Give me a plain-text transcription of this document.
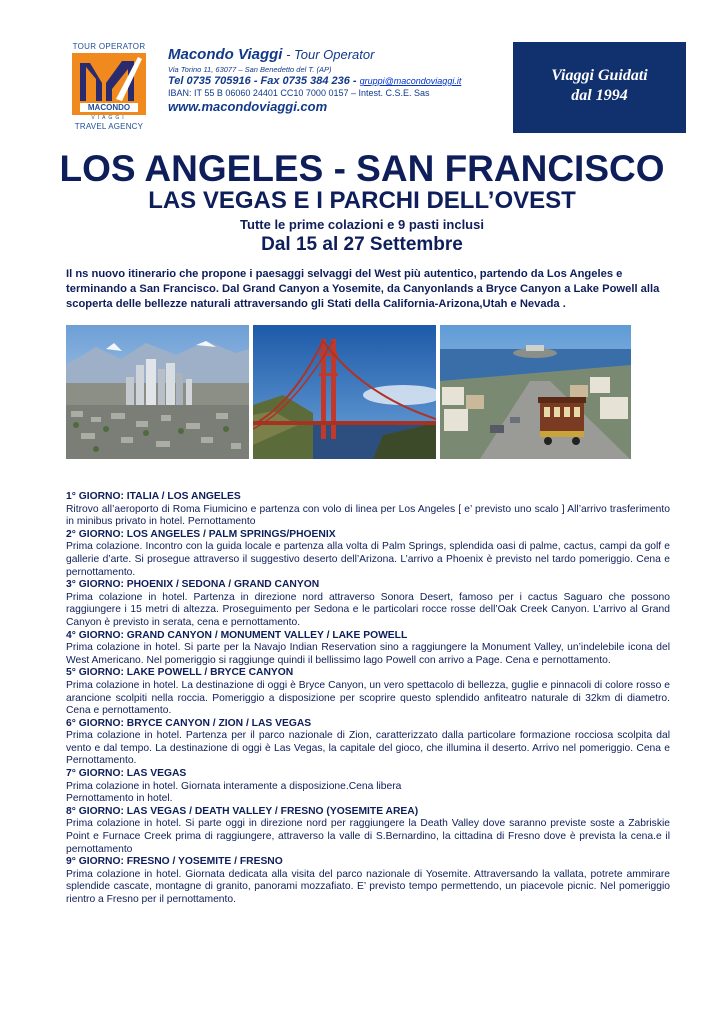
TOUR OPERATOR
MACONDO
VIAGGI
TRAVEL AGENCY
Macondo Viaggi - Tour Operator
Via Torino 11, 63077 – San Benedetto del T. (AP)
Tel 0735 705916 - Fax 0735 384 236 - gruppi@macondoviaggi.it
IBAN: IT 55 B 06060 24401 CC10 7000 0157 – Intest. C.S.E. Sas
www.macondoviaggi.com
Viaggi Guidati
dal 1994
LOS ANGELES - SAN FRANCISCO
LAS VEGAS E I PARCHI DELL’OVEST
Tutte le prime colazioni e 9 pasti inclusi
Dal 15 al 27 Settembre
Il ns nuovo itinerario che propone i paesaggi selvaggi del West più autentico, partendo da Los Angeles e terminando a San Francisco. Dal Grand Canyon a Yosemite, da Canyonlands a Bryce Canyon a Lake Powell alla scoperta delle bellezze naturali attraversando gli Stati della California-Arizona,Utah e Nevada .
1° GIORNO: ITALIA / LOS ANGELES
Ritrovo all’aeroporto di Roma Fiumicino e partenza con volo di linea per Los Angeles [ e’ previsto uno scalo ] All’arrivo trasferimento in minibus privato in hotel. Pernottamento
2° GIORNO: LOS ANGELES / PALM SPRINGS/PHOENIX
Prima colazione. Incontro con la guida locale e partenza alla volta di Palm Springs, splendida oasi di palme, cactus, campi da golf e gallerie d’arte. Si prosegue attraverso il suggestivo deserto dell’Arizona. L’arrivo a Phoenix è previsto nel tardo pomeriggio. Cena e pernottamento.
3° GIORNO: PHOENIX / SEDONA / GRAND CANYON
Prima colazione in hotel. Partenza in direzione nord attraverso Sonora Desert, famoso per i cactus Saguaro che possono raggiungere i 15 metri di altezza. Proseguimento per Sedona e le particolari rocce rosse dell’Oak Creek Canyon. L’arrivo al Grand Canyon è previsto in serata, cena e pernottamento.
4° GIORNO: GRAND CANYON / MONUMENT VALLEY / LAKE POWELL
Prima colazione in hotel. Si parte per la Navajo Indian Reservation sino a raggiungere la Monument Valley, un’indelebile icona del West Americano. Nel pomeriggio si raggiunge quindi il bellissimo lago Powell con arrivo a Page. Cena e pernottamento.
5° GIORNO: LAKE POWELL / BRYCE CANYON
Prima colazione in hotel. La destinazione di oggi è Bryce Canyon, un vero spettacolo di bellezza, guglie e pinnacoli di colore rosso e arancione scolpiti nella roccia. Pomeriggio a disposizione per scoprire questo splendido anfiteatro naturale di 32km di diametro. Cena e pernottamento.
6° GIORNO: BRYCE CANYON / ZION / LAS VEGAS
Prima colazione in hotel. Partenza per il parco nazionale di Zion, caratterizzato dalla particolare formazione rocciosa scolpita dal vento e dal tempo. La destinazione di oggi è Las Vegas, la capitale del gioco, che illumina il deserto. Arrivo nel pomeriggio. Cena e Pernottamento.
7° GIORNO: LAS VEGAS
Prima colazione in hotel. Giornata interamente a disposizione.Cena libera
Pernottamento in hotel.
8° GIORNO: LAS VEGAS / DEATH VALLEY / FRESNO (YOSEMITE AREA)
Prima colazione in hotel. Si parte oggi in direzione nord per raggiungere la Death Valley dove saranno previste soste a Zabriskie Point e Furnace Creek prima di raggiungere, attraverso la valle di S.Bernardino, la cittadina di Fresno dove è prevista la cena.e il pernottamento
9° GIORNO: FRESNO / YOSEMITE / FRESNO
Prima colazione in hotel. Giornata dedicata alla visita del parco nazionale di Yosemite. Attraversando la vallata, potrete ammirare splendide cascate, montagne di granito, panorami mozzafiato. E’ previsto tempo permettendo, un piacevole picnic. Nel pomeriggio rientro a Fresno per il pernottamento.
